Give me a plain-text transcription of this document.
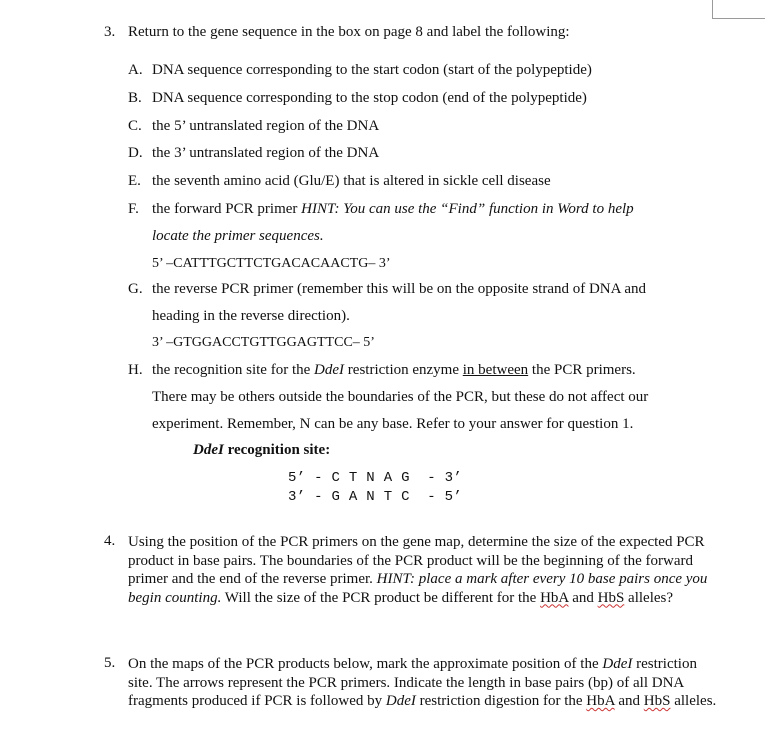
3. Return to the gene sequence in the box on page 8 and label the following:
A. DNA sequence corresponding to the start codon (start of the polypeptide)
B. DNA sequence corresponding to the stop codon (end of the polypeptide)
C. the 5’ untranslated region of the DNA
D. the 3’ untranslated region of the DNA
E. the seventh amino acid (Glu/E) that is altered in sickle cell disease
F. the forward PCR primer HINT: You can use the “Find” function in Word to help
locate the primer sequences.
5’ –CATTTGCTTCTGACACAACTG– 3’
G. the reverse PCR primer (remember this will be on the opposite strand of DNA and
heading in the reverse direction).
3’ –GTGGACCTGTTGGAGTTCC– 5’
H. the recognition site for the DdeI restriction enzyme in between the PCR primers.
There may be others outside the boundaries of the PCR, but these do not affect our
experiment. Remember, N can be any base. Refer to your answer for question 1.
DdeI recognition site:
5’ - C T N A G  - 3’
3’ - G A N T C  - 5’
4. Using the position of the PCR primers on the gene map, determine the size of the expected PCR product in base pairs. The boundaries of the PCR product will be the beginning of the forward primer and the end of the reverse primer. HINT: place a mark after every 10 base pairs once you begin counting. Will the size of the PCR product be different for the HbA and HbS alleles?
5. On the maps of the PCR products below, mark the approximate position of the DdeI restriction site. The arrows represent the PCR primers. Indicate the length in base pairs (bp) of all DNA fragments produced if PCR is followed by DdeI restriction digestion for the HbA and HbS alleles.
